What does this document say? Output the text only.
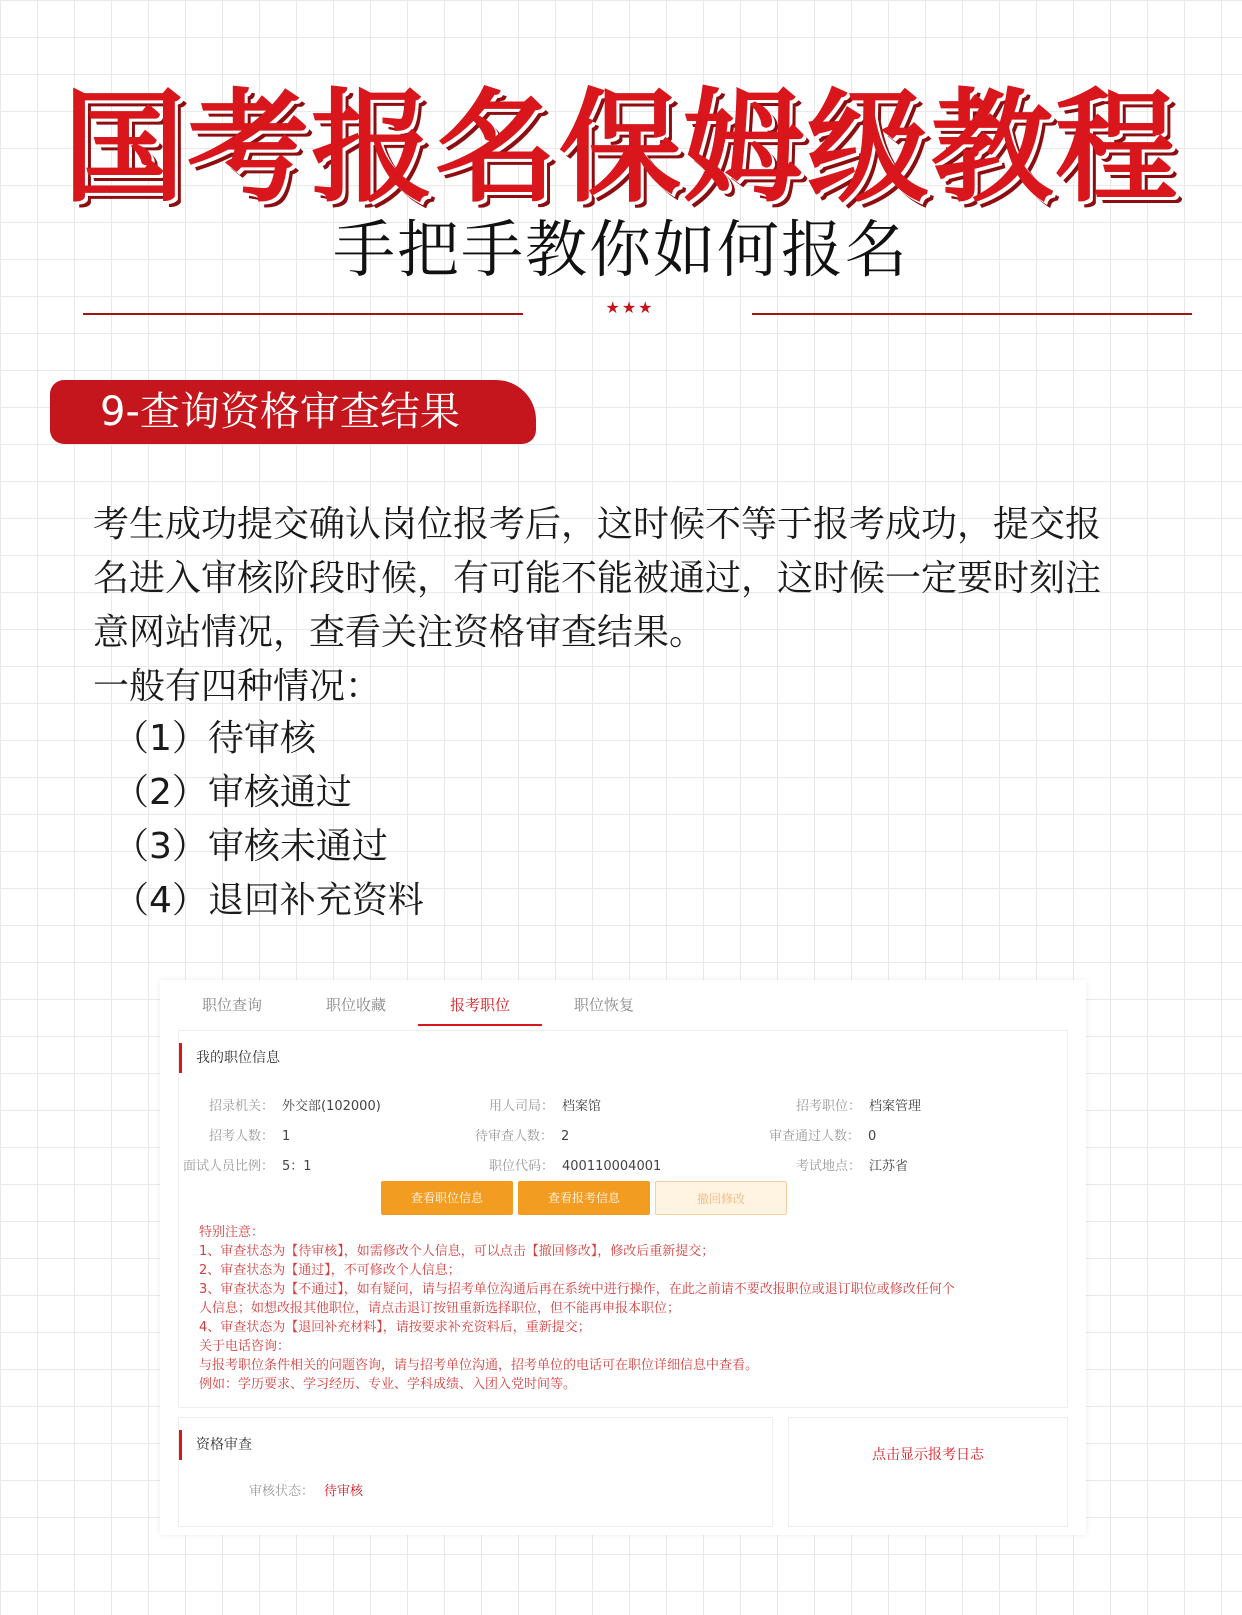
国考报名保姆级教程
手把手教你如何报名
★★★
9-查询资格审查结果

考生成功提交确认岗位报考后，这时候不等于报考成功，提交报

名进入审核阶段时候，有可能不能被通过，这时候一定要时刻注

意网站情况，查看关注资格审查结果。

一般有四种情况：

（1）待审核

（2）审核通过

（3）审核未通过

（4）退回补充资料

职位查询	职位收藏	报考职位	职位恢复
我的职位信息
招录机关： 外交部(102000)	用人司局： 档案馆	招考职位： 档案管理
招考人数： 1	待审查人数： 2	审查通过人数： 0
面试人员比例： 5：1	职位代码： 400110004001	考试地点： 江苏省
查看职位信息	查看报考信息	撤回修改
特别注意：
1、审查状态为【待审核】，如需修改个人信息，可以点击【撤回修改】，修改后重新提交；
2、审查状态为【通过】，不可修改个人信息；
3、审查状态为【不通过】，如有疑问，请与招考单位沟通后再在系统中进行操作，在此之前请不要改报职位或退订职位或修改任何个
人信息；如想改报其他职位，请点击退订按钮重新选择职位，但不能再申报本职位；
4、审查状态为【退回补充材料】，请按要求补充资料后，重新提交；
关于电话咨询：
与报考职位条件相关的问题咨询，请与招考单位沟通，招考单位的电话可在职位详细信息中查看。
例如：学历要求、学习经历、专业、学科成绩、入团入党时间等。
资格审查
审核状态： 待审核
点击显示报考日志
